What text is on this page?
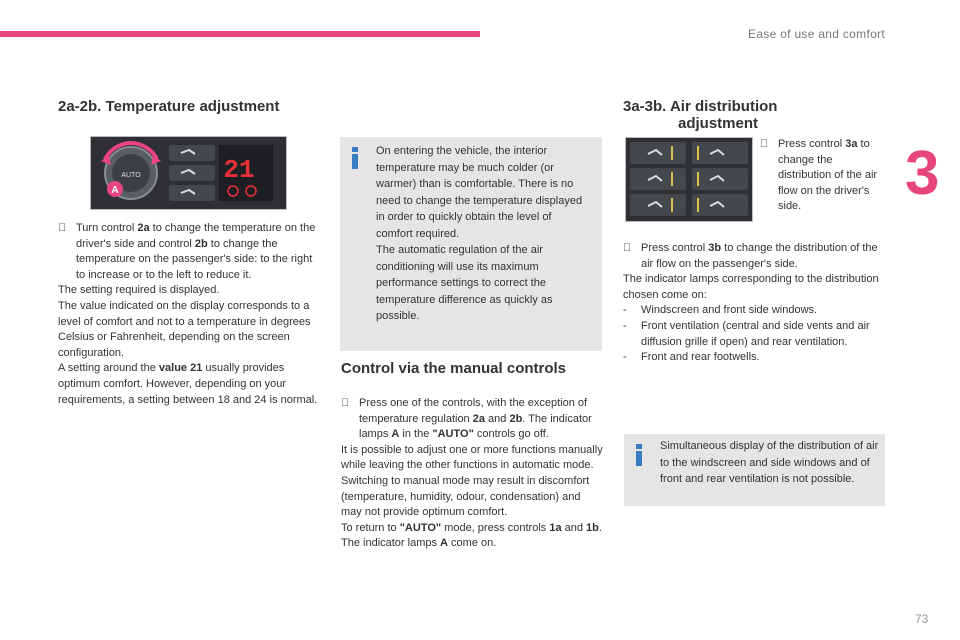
Ease of use and comfort
3
73
2a-2b. Temperature adjustment
AUTO
A
21
Turn control 2a to change the temperature on the driver's side and control 2b to change the temperature on the passenger's side: to the right to increase or to the left to reduce it.
The setting required is displayed.
The value indicated on the display corresponds to a level of comfort and not to a temperature in degrees Celsius or Fahrenheit, depending on the screen configuration.
A setting around the value 21 usually provides optimum comfort. However, depending on your requirements, a setting between 18 and 24 is normal.
On entering the vehicle, the interior temperature may be much colder (or warmer) than is comfortable. There is no need to change the temperature displayed in order to quickly obtain the level of comfort required.
The automatic regulation of the air conditioning will use its maximum performance settings to correct the temperature difference as quickly as possible.
Control via the manual controls
Press one of the controls, with the exception of temperature regulation 2a and 2b. The indicator lamps A in the "AUTO" controls go off.
It is possible to adjust one or more functions manually while leaving the other functions in automatic mode.
Switching to manual mode may result in discomfort (temperature, humidity, odour, condensation) and may not provide optimum comfort.
To return to "AUTO" mode, press controls 1a and 1b. The indicator lamps A come on.
3a-3b. Air distribution
adjustment
Press control 3a to change the distribution of the air flow on the driver's side.
Press control 3b to change the distribution of the air flow on the passenger's side.
The indicator lamps corresponding to the distribution chosen come on:
-	Windscreen and front side windows.
-	Front ventilation (central and side vents and air diffusion grille if open) and rear ventilation.
-	Front and rear footwells.
Simultaneous display of the distribution of air to the windscreen and side windows and of front and rear ventilation is not possible.
